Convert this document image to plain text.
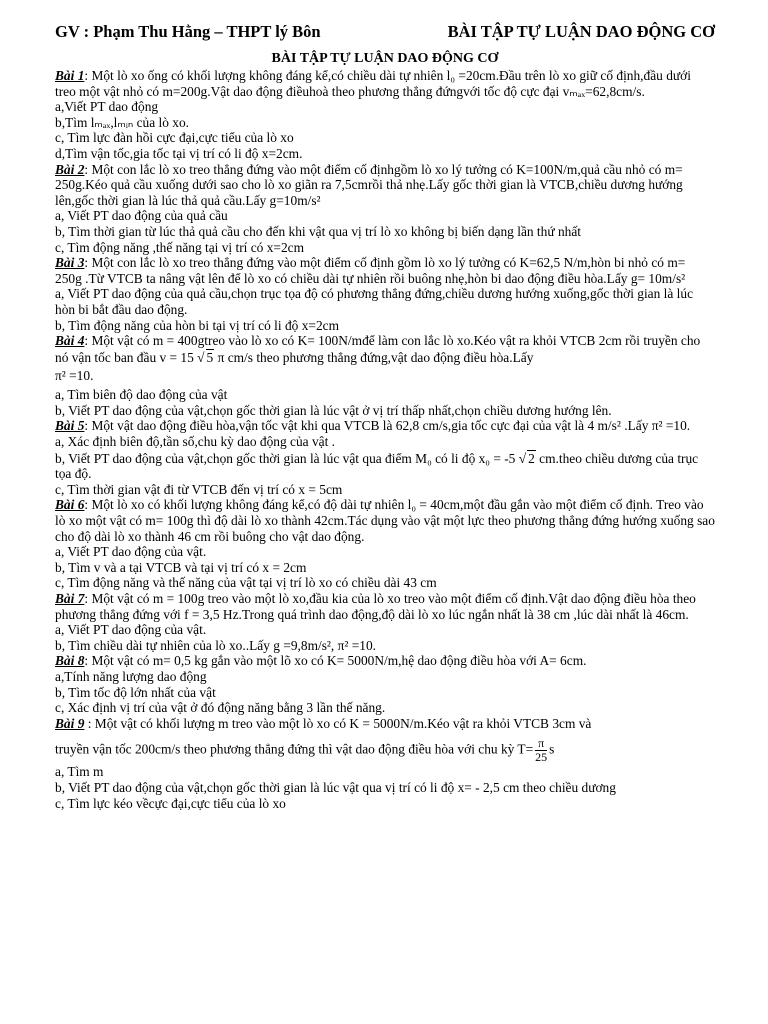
GV : Phạm Thu Hằng – THPT lý Bôn	BÀI TẬP TỰ LUẬN DAO ĐỘNG CƠ
BÀI TẬP TỰ LUẬN DAO ĐỘNG CƠ

Bài 1: Một lò xo ống có khối lượng không đáng kể,có chiều dài tự nhiên l₀ =20cm.Đầu trên lò xo giữ cố định,đầu dưới treo một vật nhỏ có m=200g.Vật dao động điềuhoà theo phương thẳng đứngvới tốc độ cực đại vₘₐₓ=62,8cm/s.

a,Viết PT dao động

b,Tìm lₘₐₓ,lₘᵢₙ của lò xo.

c, Tìm lực đàn hồi cực đại,cực tiểu của lò xo

d,Tìm vận tốc,gia tốc tại vị trí có li độ x=2cm.

Bài 2: Một con lắc lò xo treo thẳng đứng vào một điểm cố địnhgồm lò xo lý tưởng có K=100N/m,quả cầu nhỏ có m= 250g.Kéo quả cầu xuống dưới sao cho lò xo giãn ra 7,5cmrồi thả nhẹ.Lấy gốc thời gian là VTCB,chiều dương hướng lên,gốc thời gian là lúc thả quả cầu.Lấy g=10m/s²

a, Viết PT dao động của quả cầu

b, Tìm thời gian từ lúc thả quả cầu cho đến khi vật qua vị trí lò xo không bị biến dạng lần thứ nhất

c, Tìm động năng ,thế năng tại vị trí có x=2cm

Bài 3: Một con lắc lò xo treo thẳng đứng vào một điểm cố định gồm lò xo lý tưởng có K=62,5 N/m,hòn bi nhỏ có m= 250g .Từ VTCB ta nâng vật lên để lò xo có chiều dài tự nhiên rồi buông nhẹ,hòn bi dao động điều hòa.Lấy g= 10m/s²

a, Viết PT dao động của quả cầu,chọn trục tọa độ có phương thẳng đứng,chiều dương hướng xuống,gốc thời gian là lúc hòn bi bắt đầu dao động.

b, Tìm động năng của hòn bi tại vị trí có li độ x=2cm

Bài 4: Một vật có m = 400gtreo vào lò xo có K= 100N/mđể làm con lắc lò xo.Kéo vật ra khỏi VTCB 2cm rồi truyền cho nó vận tốc ban đầu v = 15 √ 5 π cm/s theo phương thẳng đứng,vật dao động điều hòa.Lấy

π² =10.

a, Tìm biên độ dao động của vật

b, Viết PT dao động của vật,chọn gốc thời gian là lúc vật ở vị trí thấp nhất,chọn chiều dương hướng lên.

Bài 5: Một vật dao động điều hòa,vận tốc vật khi qua VTCB là 62,8 cm/s,gia tốc cực đại của vật là 4 m/s² .Lấy π² =10.

a, Xác định biên độ,tần số,chu kỳ dao động của vật .

b, Viết PT dao động của vật,chọn gốc thời gian là lúc vật qua điểm M₀ có li độ x₀ = -5 √ 2 cm.theo chiều dương của trục tọa độ.

c, Tìm thời gian vật đi từ VTCB đến vị trí có x = 5cm

Bài 6: Một lò xo có khối lượng không đáng kể,có độ dài tự nhiên l₀ = 40cm,một đầu gắn vào một điểm cố định. Treo vào lò xo một vật có m= 100g thì độ dài lò xo thành 42cm.Tác dụng vào vật một lực theo phương thẳng đứng hướng xuống sao cho độ dài lò xo thành 46 cm rồi buông cho vật dao động.

a, Viết PT dao động của vật.

b, Tìm v và a tại VTCB và tại vị trí có x = 2cm

c, Tìm động năng và thế năng của vật tại vị trí lò xo có chiều dài 43 cm

Bài 7: Một vật có m = 100g treo vào một lò xo,đầu kia của lò xo treo vào một điểm cố định.Vật dao động điều hòa theo phương thẳng đứng với f = 3,5 Hz.Trong quá trình dao động,độ dài lò xo lúc ngắn nhất là 38 cm ,lúc dài nhất là 46cm.

a, Viết PT dao động của vật.

b, Tìm chiều dài tự nhiên của lò xo..Lấy g =9,8m/s², π² =10.

Bài 8: Một vật có m= 0,5 kg gắn vào một lõ xo có K= 5000N/m,hệ dao động điều hòa với A= 6cm.

a,Tính năng lượng dao động

b, Tìm tốc độ lớn nhất của vật

c, Xác định vị trí của vật ở đó động năng bằng 3 lần thế năng.

Bài 9 : Một vật có khối lượng m treo vào một lò xo có K = 5000N/m.Kéo vật ra khỏi VTCB 3cm và

truyền vận tốc 200cm/s theo phương thẳng đứng thì vật dao động điều hòa với chu kỳ $T= \frac{\pi}{25}$ s

a, Tìm m

b, Viết PT dao động của vật,chọn gốc thời gian là lúc vật qua vị trí có li độ x= - 2,5 cm theo chiều dương

c, Tìm lực kéo vềcực đại,cực tiểu của lò xo
